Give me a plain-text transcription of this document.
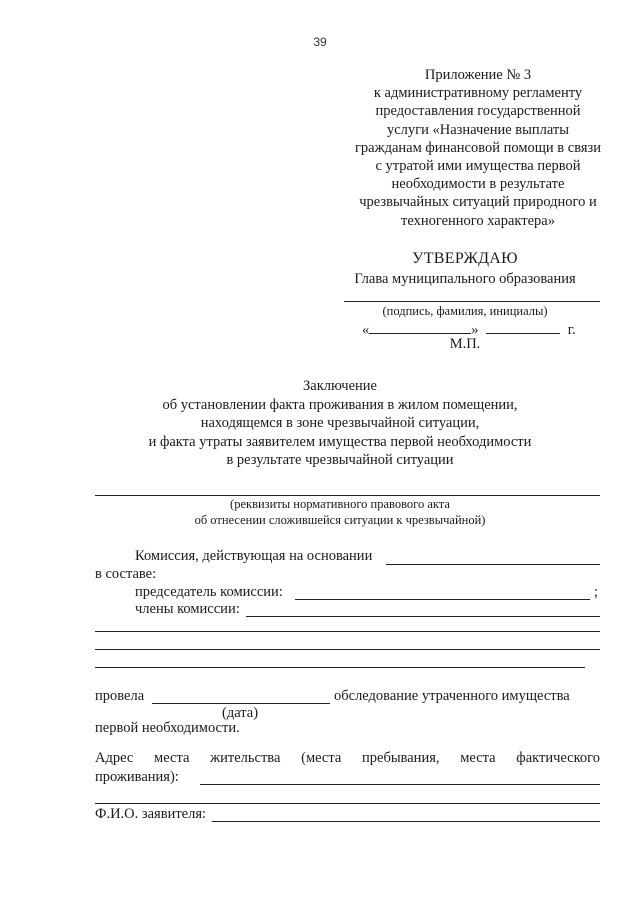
39
Приложение № 3
к административному регламенту
предоставления государственной
услуги «Назначение выплаты
гражданам финансовой помощи в связи
с утратой ими имущества первой
необходимости в результате
чрезвычайных ситуаций природного и
техногенного характера»
УТВЕРЖДАЮ
Глава муниципального образования
(подпись, фамилия, инициалы)
«	»	г.
М.П.
Заключение
об установлении факта проживания в жилом помещении,
находящемся в зоне чрезвычайной ситуации,
и факта утраты заявителем имущества первой необходимости
в результате чрезвычайной ситуации
(реквизиты нормативного правового акта
об отнесении сложившейся ситуации к чрезвычайной)
Комиссия, действующая на основании
в составе:
председатель комиссии:	;
члены комиссии:
провела	обследование утраченного имущества
(дата)
первой необходимости.
Адрес места жительства (места пребывания, места фактического
проживания):
Ф.И.О. заявителя:
